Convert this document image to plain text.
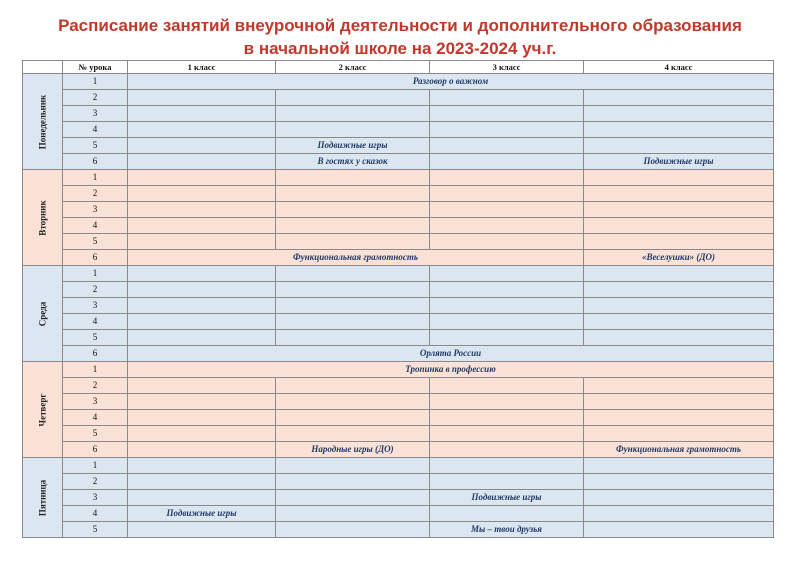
Расписание занятий внеурочной деятельности и дополнительного образования
в начальной школе на 2023-2024 уч.г.
	№ урока	1 класс	2 класс	3 класс	4 класс

Понедельник	1	Разговор о важном			
	2				
	3				
	4				
	5		Подвижные игры		
	6		В гостях у сказок		Подвижные игры

Вторник	1				
	2				
	3				
	4				
	5				
	6	Функциональная грамотность			«Веселушки» (ДО)

Среда	1				
	2				
	3				
	4				
	5				
	6	Орлята России			

Четверг	1	Тропинка в профессию			
	2				
	3				
	4				
	5				
	6		Народные игры (ДО)		Функциональная грамотность

Пятница	1				
	2				
	3			Подвижные игры	
	4	Подвижные игры			
	5			Мы – твои друзья	
